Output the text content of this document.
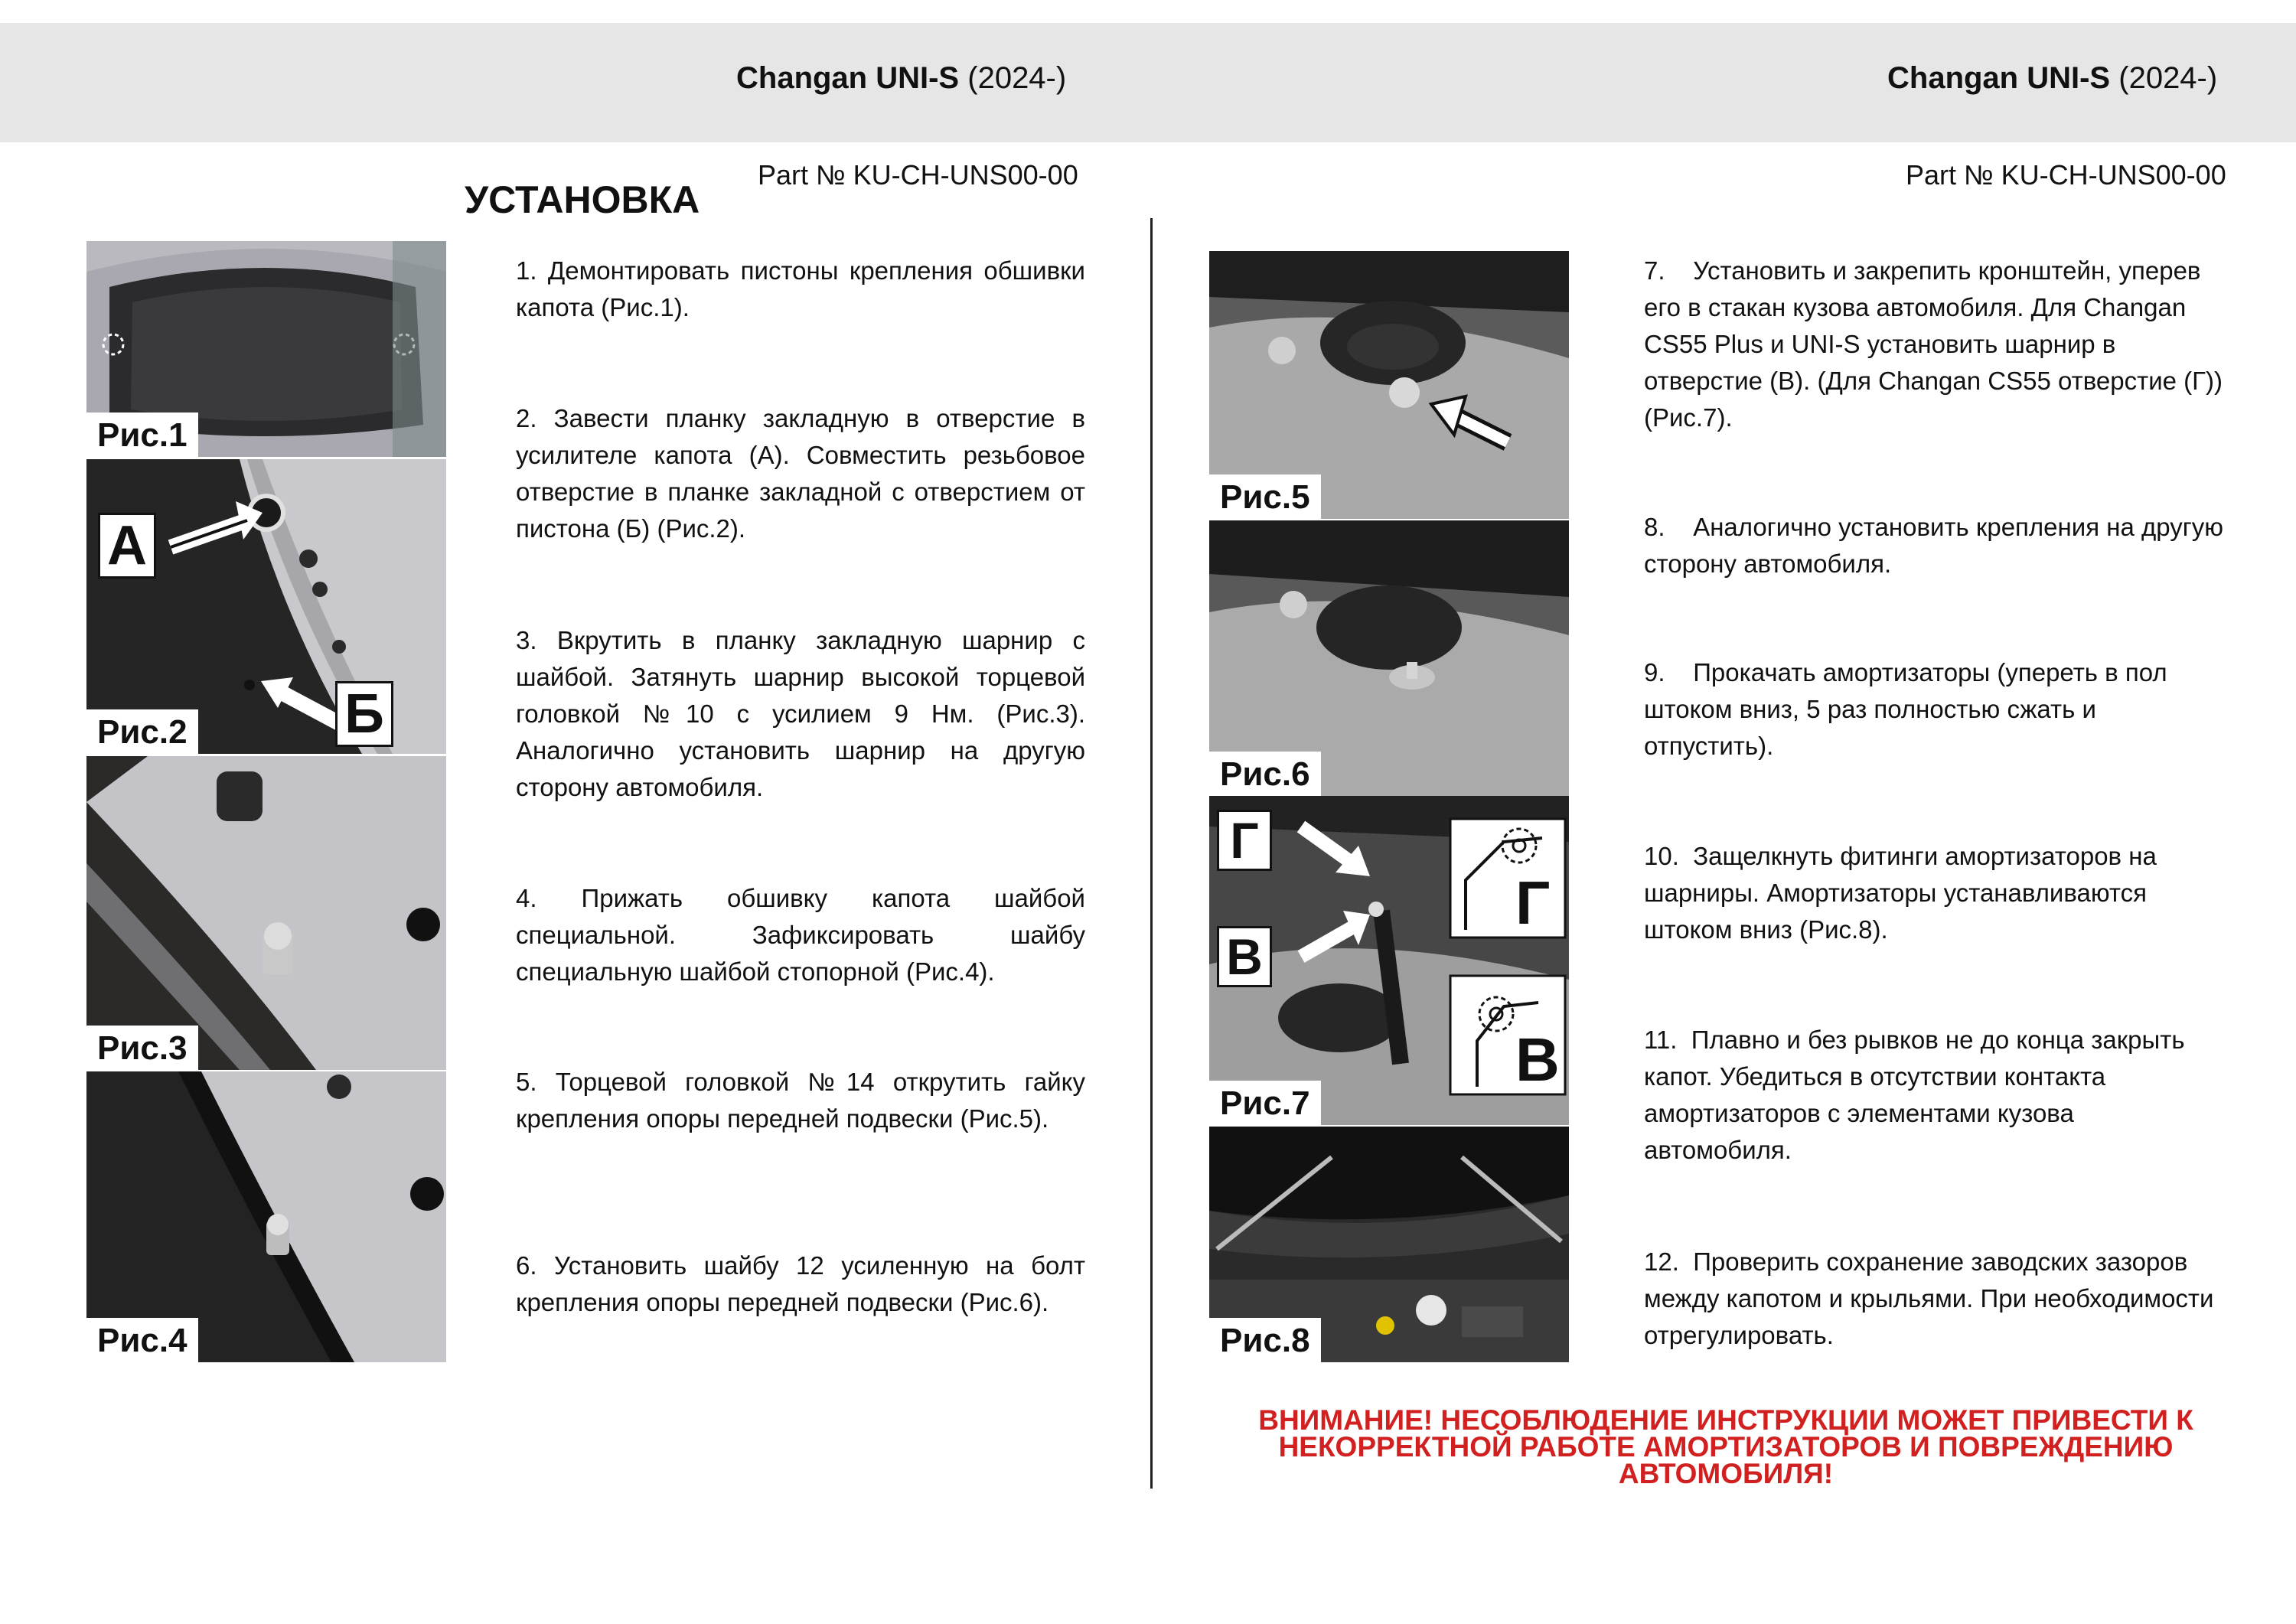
Changan UNI-S (2024-)	Changan UNI-S (2024-)
Part № KU-CH-UNS00-00	Part № KU-CH-UNS00-00
УСТАНОВКА
Рис.1
А
Б
Рис.2
Рис.3
Рис.4
Рис.5
Рис.6
Г
В
Г
В
Рис.7
Рис.8

1. Демонтировать пистоны крепления обшивки капота (Рис.1).

2. Завести планку закладную в отверстие в усилителе капота (А). Совместить резьбовое отверстие в планке закладной с отверстием от пистона (Б) (Рис.2).

3. Вкрутить в планку закладную шарнир с шайбой. Затянуть шарнир высокой торцевой головкой №10 с усилием 9 Нм. (Рис.3). Аналогично установить шарнир на другую сторону автомобиля.

4. Прижать обшивку капота шайбой специальной. Зафиксировать шайбу специальную шайбой стопорной (Рис.4).

5. Торцевой головкой №14 открутить гайку крепления опоры передней подвески (Рис.5).

6. Установить шайбу 12 усиленную на болт крепления опоры передней подвески (Рис.6).

7.    Установить и закрепить кронштейн, уперев его в стакан кузова автомобиля. Для Changan CS55 Plus и UNI-S установить шарнир в отверстие (В). (Для Changan CS55 отверстие (Г)) (Рис.7).

8.    Аналогично установить крепления на другую сторону автомобиля.

9.    Прокачать амортизаторы (упереть в пол штоком вниз, 5 раз полностью сжать и отпустить).

10.  Защелкнуть фитинги амортизаторов на шарниры. Амортизаторы устанавливаются штоком вниз (Рис.8).

11.  Плавно и без рывков не до конца закрыть капот. Убедиться в отсутствии контакта амортизаторов с элементами кузова автомобиля.

12.  Проверить сохранение заводских зазоров между капотом и крыльями. При необходимости отрегулировать.

ВНИМАНИЕ! НЕСОБЛЮДЕНИЕ ИНСТРУКЦИИ МОЖЕТ ПРИВЕСТИ К НЕКОРРЕКТНОЙ РАБОТЕ АМОРТИЗАТОРОВ И ПОВРЕЖДЕНИЮ АВТОМОБИЛЯ!
